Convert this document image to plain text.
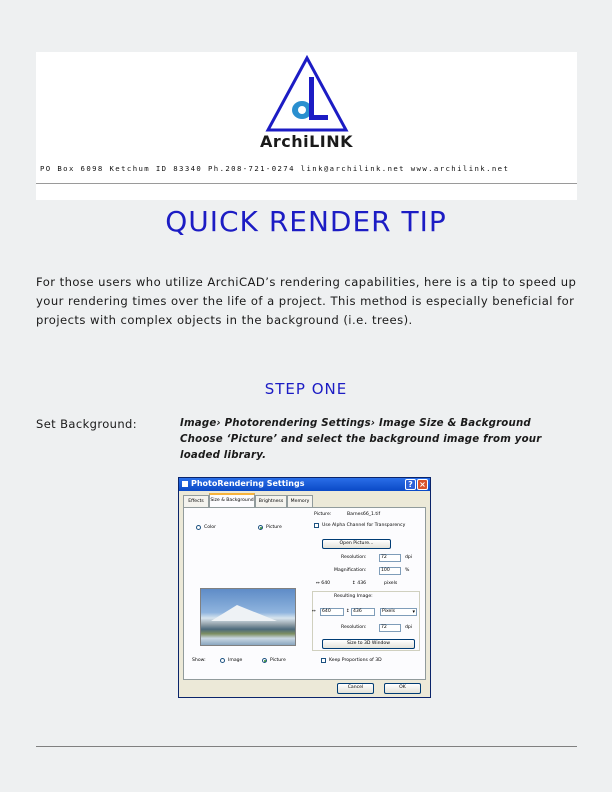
ArchiLINK
PO Box 6098 Ketchum ID 83340 Ph.208-721-0274 link@archilink.net www.archilink.net
QUICK RENDER TIP

For those users who utilize ArchiCAD’s rendering capabilities, here is a tip to speed up your rendering times over the life of a project. This method is especially beneficial for projects with complex objects in the background (i.e. trees).

STEP ONE
Set Background:	Image› Photorendering Settings› Image Size & Background
Choose ‘Picture’ and select the background image from your loaded library.
PhotoRendering Settings	? ×
Effects	Size & Background	Brightness	Memory
Color	Picture
Picture:	Barnes66_1.tif
Use Alpha Channel for Transparency
Open Picture...
Resolution:	72	dpi
Magnification:	100	%
↔ 640	↕ 436	pixels
Resulting Image:
↔	640	↕ 436	Pixels	▾
Resolution:	72	dpi
Size to 3D Window
Show:	Image	Picture	Keep Proportions of 3D
Cancel	OK
